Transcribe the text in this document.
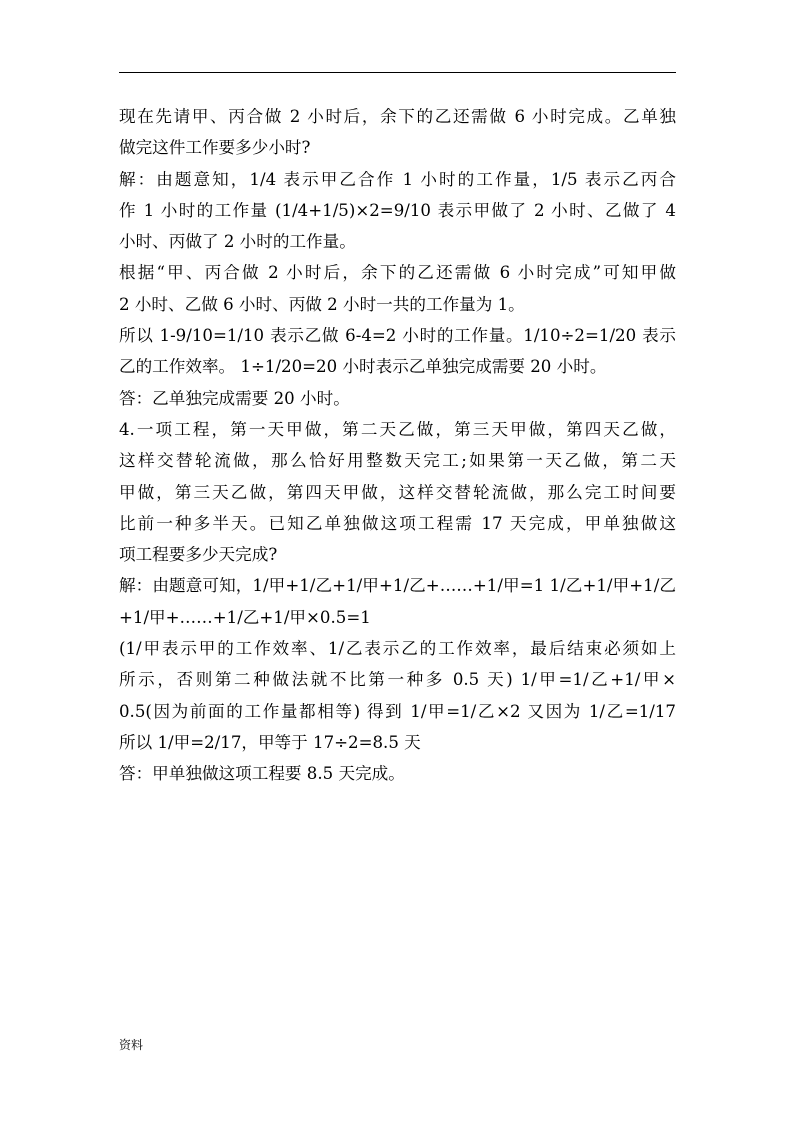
现在先请甲、丙合做 2 小时后，余下的乙还需做 6 小时完成。乙单独
做完这件工作要多少小时?
解：由题意知，1/4 表示甲乙合作 1 小时的工作量，1/5 表示乙丙合
作 1 小时的工作量 (1/4+1/5)×2=9/10 表示甲做了 2 小时、乙做了 4
小时、丙做了 2 小时的工作量。
根据“甲、丙合做 2 小时后，余下的乙还需做 6 小时完成”可知甲做
2 小时、乙做 6 小时、丙做 2 小时一共的工作量为 1。
所以 1-9/10=1/10 表示乙做 6-4=2 小时的工作量。1/10÷2=1/20 表示
乙的工作效率。 1÷1/20=20 小时表示乙单独完成需要 20 小时。
答：乙单独完成需要 20 小时。
4.一项工程，第一天甲做，第二天乙做，第三天甲做，第四天乙做，
这样交替轮流做，那么恰好用整数天完工;如果第一天乙做，第二天
甲做，第三天乙做，第四天甲做，这样交替轮流做，那么完工时间要
比前一种多半天。已知乙单独做这项工程需 17 天完成，甲单独做这
项工程要多少天完成?
解：由题意可知，1/甲+1/乙+1/甲+1/乙+……+1/甲=1 1/乙+1/甲+1/乙
+1/甲+……+1/乙+1/甲×0.5=1
(1/甲表示甲的工作效率、1/乙表示乙的工作效率，最后结束必须如上
所示，否则第二种做法就不比第一种多 0.5 天) 1/甲=1/乙+1/甲×
0.5(因为前面的工作量都相等) 得到 1/甲=1/乙×2 又因为 1/乙=1/17
所以 1/甲=2/17，甲等于 17÷2=8.5 天
答：甲单独做这项工程要 8.5 天完成。
资料
